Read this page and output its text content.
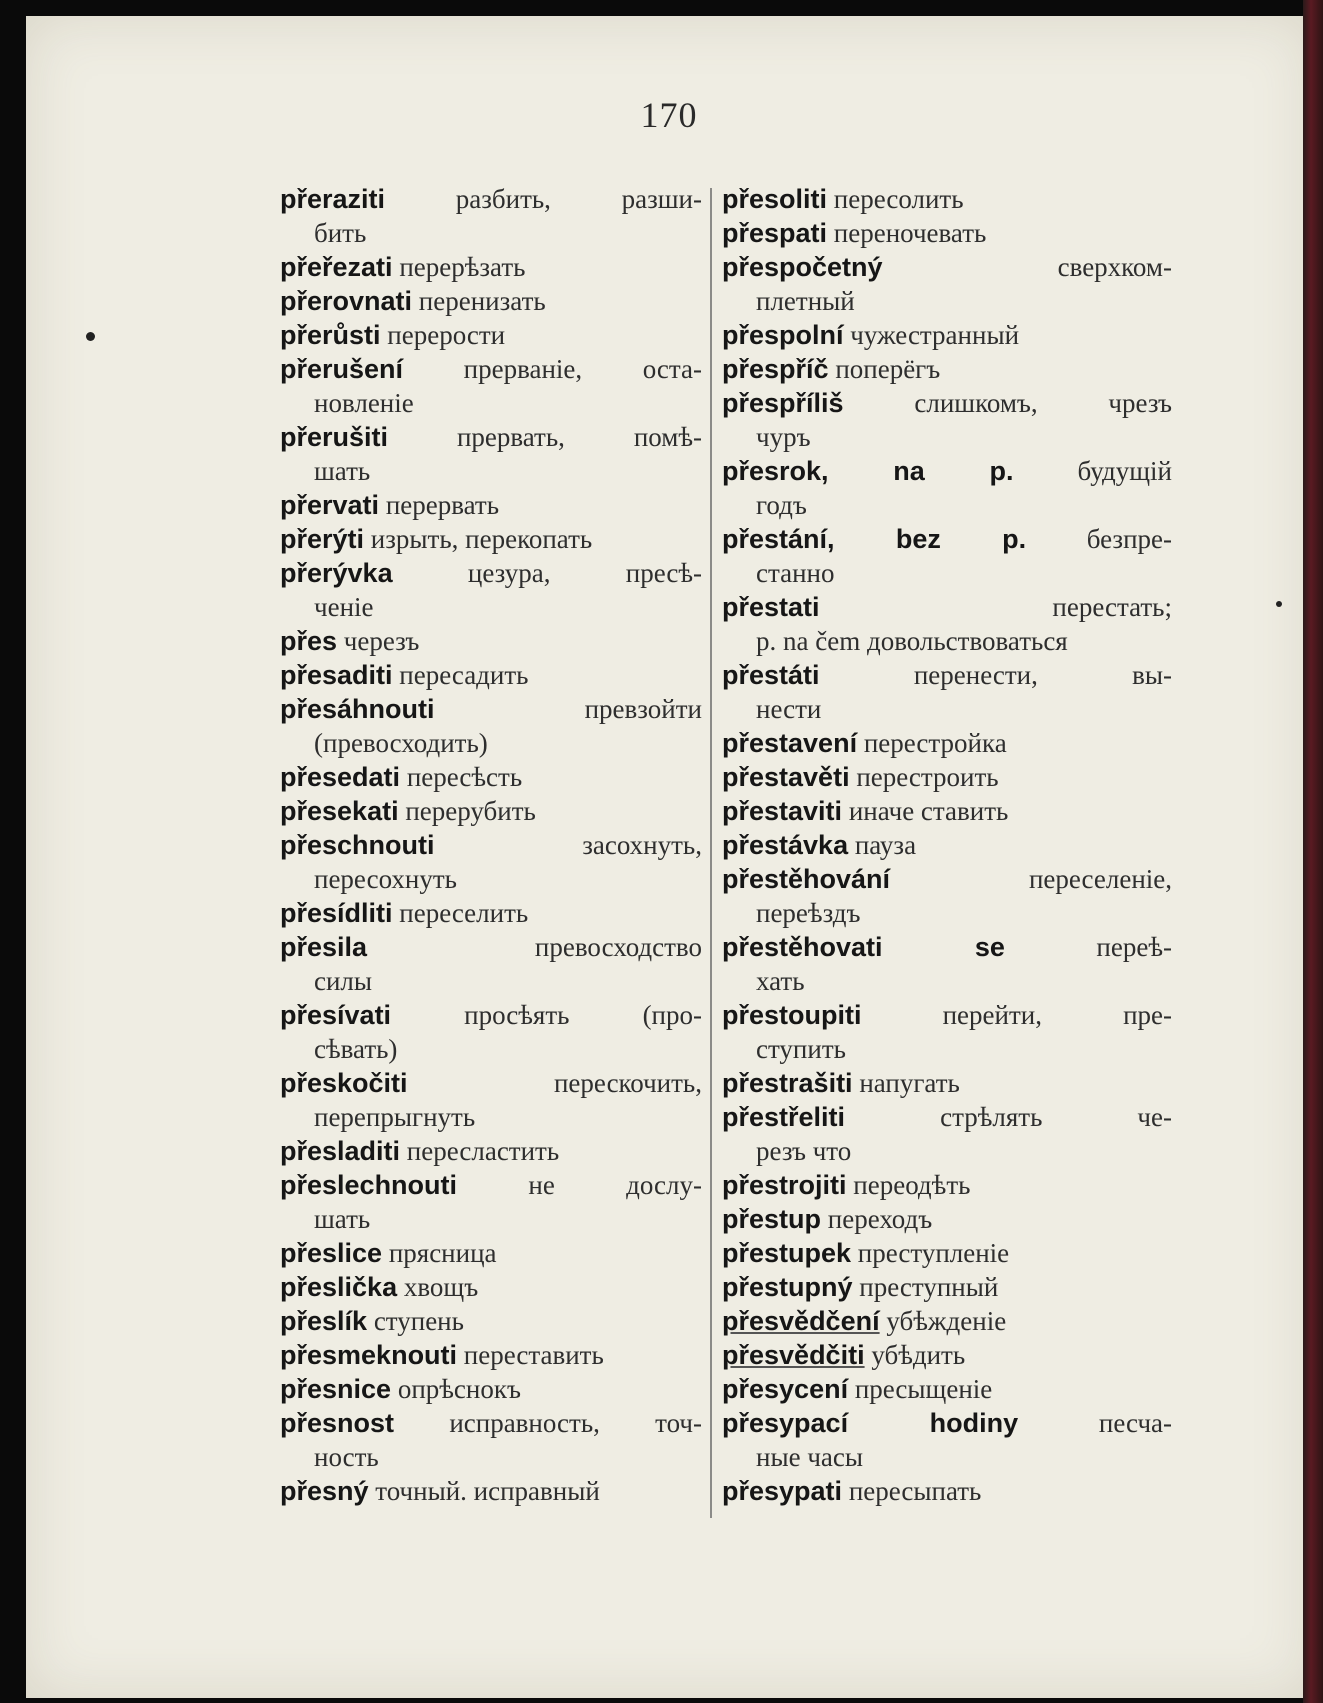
170
přeraziti разбить, разши-
бить
přeřezati перерѣзать
přerovnati перенизать
přerůsti перерости
přerušení прерваніе, оста-
новленіе
přerušiti прервать, помѣ-
шать
přervati перервать
přerýti изрыть, перекопать
přerývka цезура, пресѣ-
ченіе
přes черезъ
přesaditi пересадить
přesáhnouti превзойти
(превосходить)
přesedati пересѣсть
přesekati перерубить
přeschnouti засохнуть,
пересохнуть
přesídliti переселить
přesila превосходство
силы
přesívati просѣять (про-
сѣвать)
přeskočiti перескочить,
перепрыгнуть
přesladiti пересластить
přeslechnouti не дослу-
шать
přeslice прясница
přeslička хвощъ
přeslík ступень
přesmeknouti переставить
přesnice опрѣснокъ
přesnost исправность, точ-
ность
přesný точный. исправный
přesoliti пересолить
přespati переночевать
přespočetný сверхком-
плетный
přespolní чужестранный
přespříč поперёгъ
přespříliš слишкомъ, чрезъ
чуръ
přesrok, na p. будущій
годъ
přestání, bez p. безпре-
станно
přestati перестать;
p. na čem довольствоваться
přestáti перенести, вы-
нести
přestavení перестройка
přestavěti перестроить
přestaviti иначе ставить
přestávka пауза
přestěhování переселеніе,
переѣздъ
přestěhovati se переѣ-
хать
přestoupiti перейти, пре-
ступить
přestrašiti напугать
přestřeliti стрѣлять че-
резъ что
přestrojiti переодѣть
přestup переходъ
přestupek преступленіе
přestupný преступный
přesvědčení убѣжденіе
přesvědčiti убѣдить
přesycení пресыщеніе
přesypací hodiny песча-
ные часы
přesypati пересыпать
